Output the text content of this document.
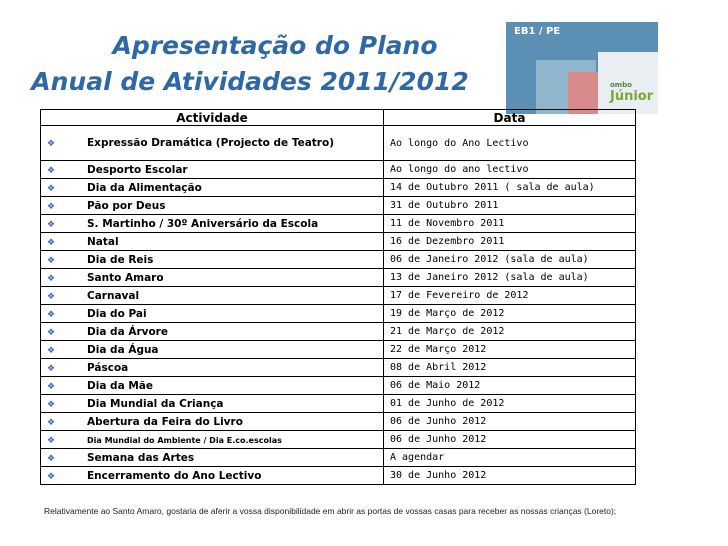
Apresentação do Plano
Anual de Atividades 2011/2012
EB1 / PE
ombo
Júnior
Actividade	Data
❖ Expressão Dramática (Projecto de Teatro)	Ao longo do Ano Lectivo
❖ Desporto Escolar	Ao longo do ano lectivo
❖ Dia da Alimentação	14 de Outubro 2011 ( sala de aula)
❖ Pão por Deus	31 de Outubro 2011
❖ S. Martinho / 30º Aniversário da Escola	11 de Novembro 2011
❖ Natal	16 de Dezembro 2011
❖ Dia de Reis	06 de Janeiro 2012 (sala de aula)
❖ Santo Amaro	13 de Janeiro 2012 (sala de aula)
❖ Carnaval	17 de Fevereiro de 2012
❖ Dia do Pai	19 de Março de 2012
❖ Dia da Árvore	21 de Março de 2012
❖ Dia da Água	22 de Março 2012
❖ Páscoa	08 de Abril 2012
❖ Dia da Mãe	06 de Maio 2012
❖ Dia Mundial da Criança	01 de Junho de 2012
❖ Abertura da Feira do Livro	06 de Junho 2012
❖ Dia Mundial do Ambiente / Dia E.co.escolas	06 de Junho 2012
❖ Semana das Artes	A agendar
❖ Encerramento do Ano Lectivo	30 de Junho 2012
Relativamente ao Santo Amaro, gostaria de aferir a vossa disponibilidade em abrir as portas de vossas casas para receber as nossas crianças (Loreto);
